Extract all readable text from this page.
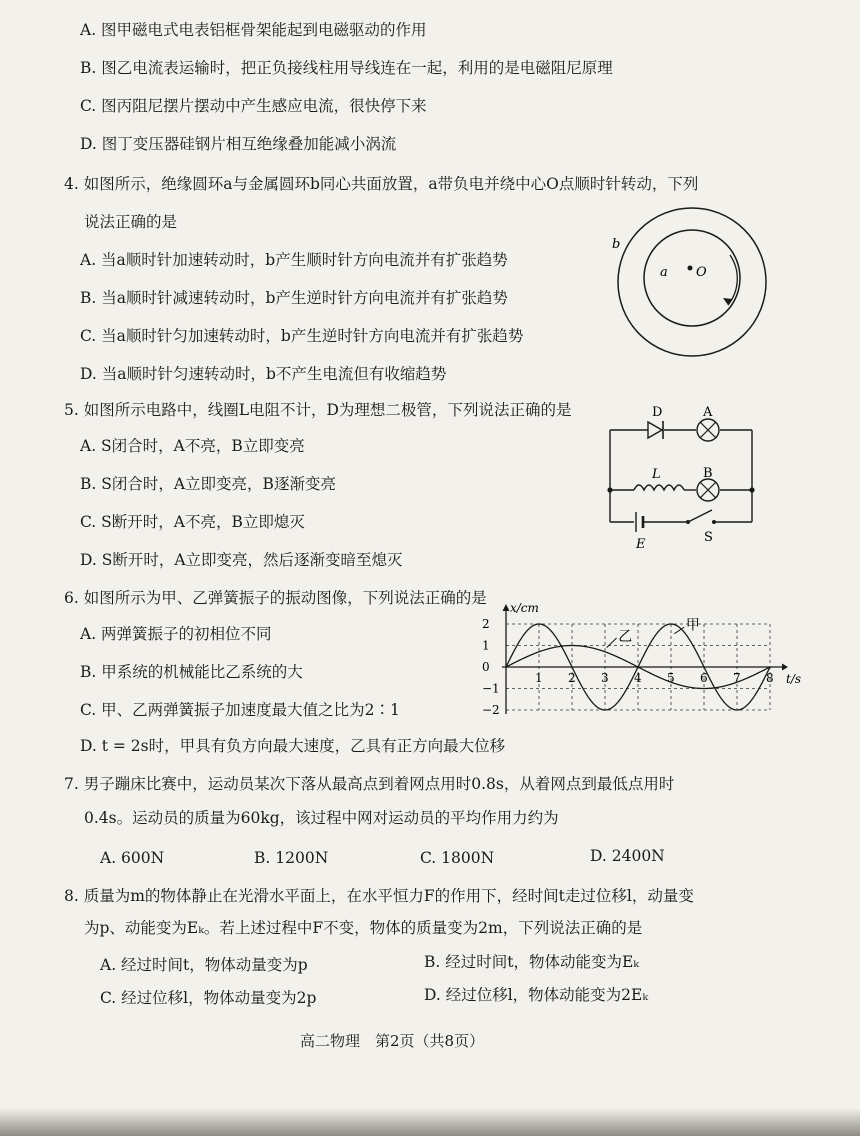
A. 图甲磁电式电表铝框骨架能起到电磁驱动的作用
B. 图乙电流表运输时，把正负接线柱用导线连在一起，利用的是电磁阻尼原理
C. 图丙阻尼摆片摆动中产生感应电流，很快停下来
D. 图丁变压器硅钢片相互绝缘叠加能减小涡流
4. 如图所示，绝缘圆环a与金属圆环b同心共面放置，a带负电并绕中心O点顺时针转动，下列
说法正确的是
A. 当a顺时针加速转动时，b产生顺时针方向电流并有扩张趋势
B. 当a顺时针减速转动时，b产生逆时针方向电流并有扩张趋势
C. 当a顺时针匀加速转动时，b产生逆时针方向电流并有扩张趋势
D. 当a顺时针匀速转动时，b不产生电流但有收缩趋势
b
a O
5. 如图所示电路中，线圈L电阻不计，D为理想二极管，下列说法正确的是
A. S闭合时，A不亮，B立即变亮
B. S闭合时，A立即变亮，B逐渐变亮
C. S断开时，A不亮，B立即熄灭
D. S断开时，A立即变亮，然后逐渐变暗至熄灭
D	A
L	B
E	S
6. 如图所示为甲、乙弹簧振子的振动图像，下列说法正确的是
A. 两弹簧振子的初相位不同
B. 甲系统的机械能比乙系统的大
C. 甲、乙两弹簧振子加速度最大值之比为2∶1
D. t = 2s时，甲具有负方向最大速度，乙具有正方向最大位移
x/cm
t/s
1 2 3 4 5 6 7 8
2
1
0
−1
−2
乙
甲
7. 男子蹦床比赛中，运动员某次下落从最高点到着网点用时0.8s，从着网点到最低点用时
0.4s。运动员的质量为60kg，该过程中网对运动员的平均作用力约为
A. 600N	B. 1200N	C. 1800N	D. 2400N
8. 质量为m的物体静止在光滑水平面上，在水平恒力F的作用下，经时间t走过位移l，动量变
为p、动能变为Eₖ。若上述过程中F不变，物体的质量变为2m，下列说法正确的是
A. 经过时间t，物体动量变为p	B. 经过时间t，物体动能变为Eₖ
C. 经过位移l，物体动量变为2p	D. 经过位移l，物体动能变为2Eₖ
高二物理　第2页（共8页）
